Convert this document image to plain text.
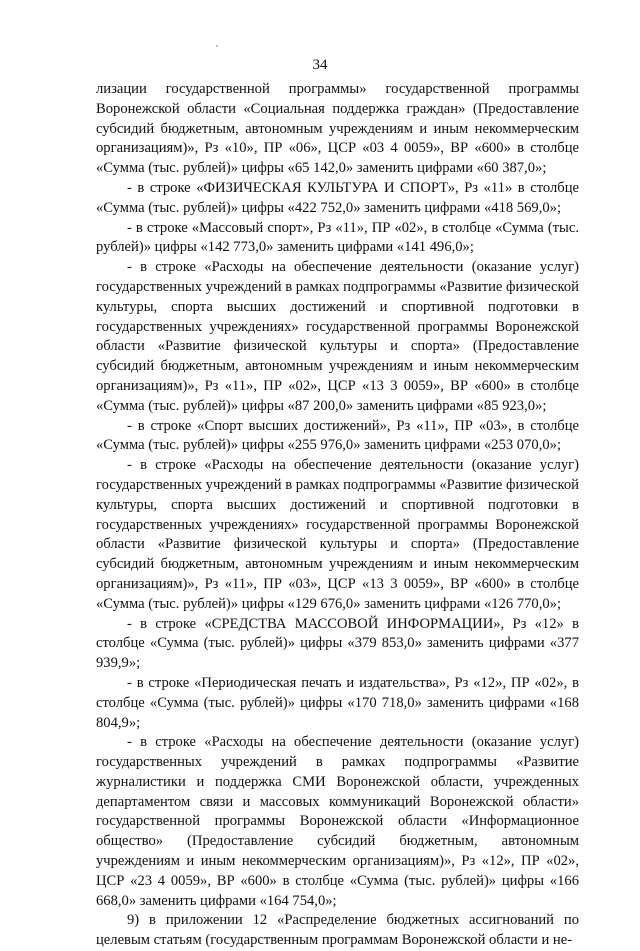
34

лизации государственной программы» государственной программы Воронежской области «Социальная поддержка граждан» (Предоставление субсидий бюджетным, автономным учреждениям и иным некоммерческим организациям)», Рз «10», ПР «06», ЦСР «03 4 0059», ВР «600» в столбце «Сумма (тыс. рублей)» цифры «65 142,0» заменить цифрами «60 387,0»;

- в строке «ФИЗИЧЕСКАЯ КУЛЬТУРА И СПОРТ», Рз «11» в столбце «Сумма (тыс. рублей)» цифры «422 752,0» заменить цифрами «418 569,0»;

- в строке «Массовый спорт», Рз «11», ПР «02», в столбце «Сумма (тыс. рублей)» цифры «142 773,0» заменить цифрами «141 496,0»;

- в строке «Расходы на обеспечение деятельности (оказание услуг) государственных учреждений в рамках подпрограммы «Развитие физической культуры, спорта высших достижений и спортивной подготовки в государственных учреждениях» государственной программы Воронежской области «Развитие физической культуры и спорта» (Предоставление субсидий бюджетным, автономным учреждениям и иным некоммерческим организациям)», Рз «11», ПР «02», ЦСР «13 3 0059», ВР «600» в столбце «Сумма (тыс. рублей)» цифры «87 200,0» заменить цифрами «85 923,0»;

- в строке «Спорт высших достижений», Рз «11», ПР «03», в столбце «Сумма (тыс. рублей)» цифры «255 976,0» заменить цифрами «253 070,0»;

- в строке «Расходы на обеспечение деятельности (оказание услуг) государственных учреждений в рамках подпрограммы «Развитие физической культуры, спорта высших достижений и спортивной подготовки в государственных учреждениях» государственной программы Воронежской области «Развитие физической культуры и спорта» (Предоставление субсидий бюджетным, автономным учреждениям и иным некоммерческим организациям)», Рз «11», ПР «03», ЦСР «13 3 0059», ВР «600» в столбце «Сумма (тыс. рублей)» цифры «129 676,0» заменить цифрами «126 770,0»;

- в строке «СРЕДСТВА МАССОВОЙ ИНФОРМАЦИИ», Рз «12» в столбце «Сумма (тыс. рублей)» цифры «379 853,0» заменить цифрами «377 939,9»;

- в строке «Периодическая печать и издательства», Рз «12», ПР «02», в столбце «Сумма (тыс. рублей)» цифры «170 718,0» заменить цифрами «168 804,9»;

- в строке «Расходы на обеспечение деятельности (оказание услуг) государственных учреждений в рамках подпрограммы «Развитие журналистики и поддержка СМИ Воронежской области, учрежденных департаментом связи и массовых коммуникаций Воронежской области» государственной программы Воронежской области «Информационное общество» (Предоставление субсидий бюджетным, автономным учреждениям и иным некоммерческим организациям)», Рз «12», ПР «02», ЦСР «23 4 0059», ВР «600» в столбце «Сумма (тыс. рублей)» цифры «166 668,0» заменить цифрами «164 754,0»;

9) в приложении 12 «Распределение бюджетных ассигнований по целевым статьям (государственным программам Воронежской области и не-
